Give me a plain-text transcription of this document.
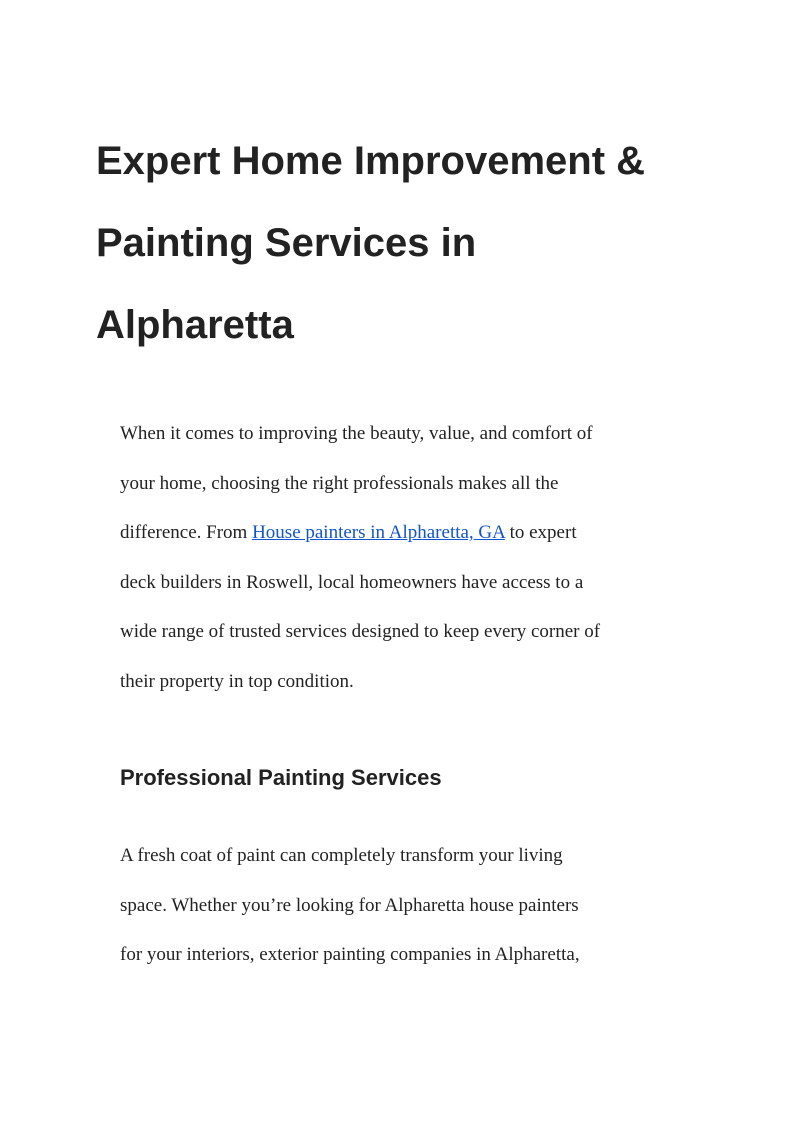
Expert Home Improvement &
Painting Services in
Alpharetta

When it comes to improving the beauty, value, and comfort of
your home, choosing the right professionals makes all the
difference. From House painters in Alpharetta, GA to expert
deck builders in Roswell, local homeowners have access to a
wide range of trusted services designed to keep every corner of
their property in top condition.

Professional Painting Services

A fresh coat of paint can completely transform your living
space. Whether you’re looking for Alpharetta house painters
for your interiors, exterior painting companies in Alpharetta,
